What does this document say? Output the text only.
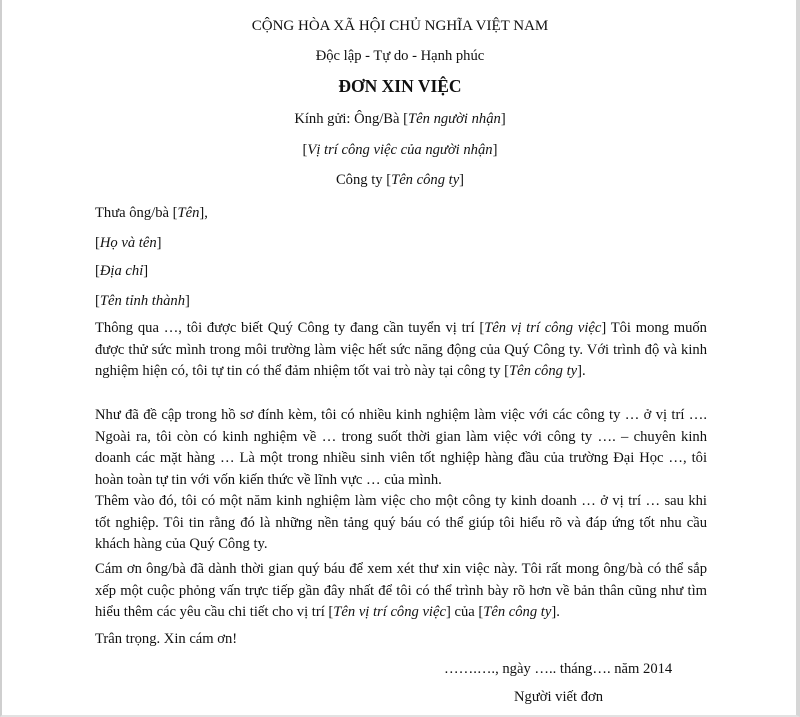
CỘNG HÒA XÃ HỘI CHỦ NGHĨA VIỆT NAM
Độc lập - Tự do - Hạnh phúc
ĐƠN XIN VIỆC
Kính gửi: Ông/Bà [Tên người nhận]
[Vị trí công việc của người nhận]
Công ty [Tên công ty]
Thưa ông/bà [Tên],
[Họ và tên]
[Địa chỉ]
[Tên tỉnh thành]
Thông qua …, tôi được biết Quý Công ty đang cần tuyển vị trí [Tên vị trí công việc] Tôi mong muốn được thử sức mình trong môi trường làm việc hết sức năng động của Quý Công ty. Với trình độ và kinh nghiệm hiện có, tôi tự tin có thể đảm nhiệm tốt vai trò này tại công ty [Tên công ty].
Như đã đề cập trong hồ sơ đính kèm, tôi có nhiều kinh nghiệm làm việc với các công ty … ở vị trí …. Ngoài ra, tôi còn có kinh nghiệm về … trong suốt thời gian làm việc với công ty …. – chuyên kinh doanh các mặt hàng … Là một trong nhiều sinh viên tốt nghiệp hàng đầu của trường Đại Học …, tôi hoàn toàn tự tin với vốn kiến thức về lĩnh vực … của mình.
Thêm vào đó, tôi có một năm kinh nghiệm làm việc cho một công ty kinh doanh … ở vị trí … sau khi tốt nghiệp. Tôi tin rằng đó là những nền tảng quý báu có thể giúp tôi hiểu rõ và đáp ứng tốt nhu cầu khách hàng của Quý Công ty.
Cám ơn ông/bà đã dành thời gian quý báu để xem xét thư xin việc này. Tôi rất mong ông/bà có thể sắp xếp một cuộc phỏng vấn trực tiếp gần đây nhất để tôi có thể trình bày rõ hơn về bản thân cũng như tìm hiểu thêm các yêu cầu chi tiết cho vị trí [Tên vị trí công việc] của [Tên công ty].
Trân trọng. Xin cám ơn!
…….…., ngày ….. tháng…. năm 2014
Người viết đơn
